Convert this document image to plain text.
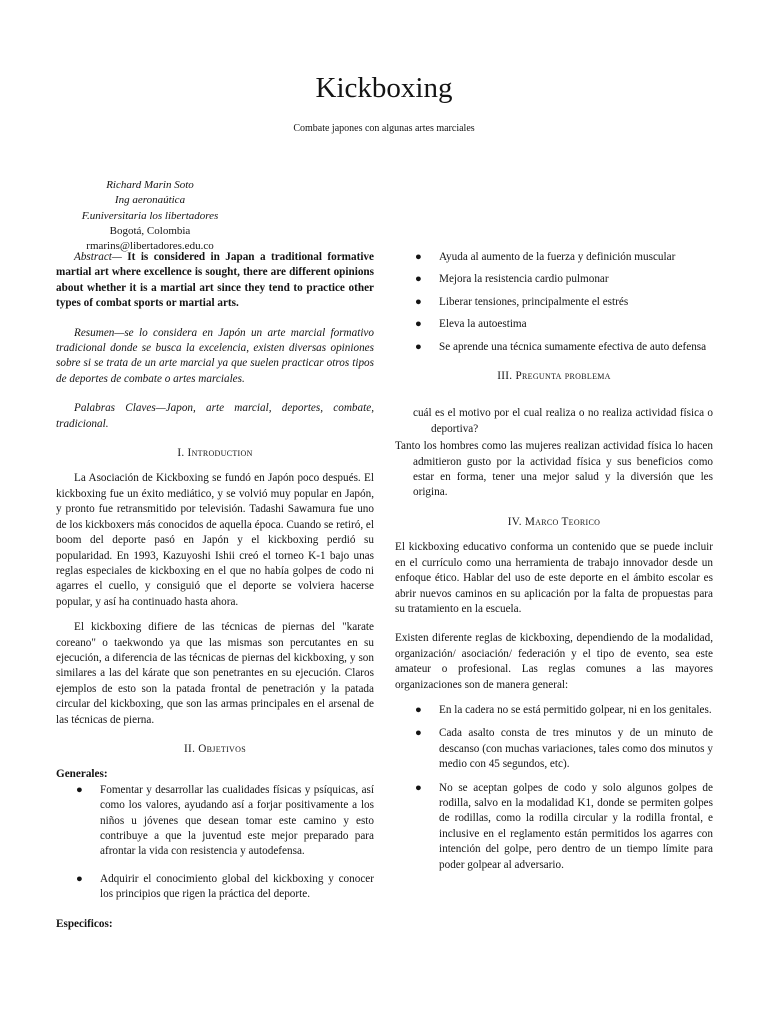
Kickboxing
Combate japones con algunas artes marciales
Richard Marin Soto
Ing aeronaútica
F.universitaria los libertadores
Bogotá, Colombia
rmarins@libertadores.edu.co

Abstract— It is considered in Japan a traditional formative martial art where excellence is sought, there are different opinions about whether it is a martial art since they tend to practice other types of combat sports or martial arts.

Resumen—se lo considera en Japón un arte marcial formativo tradicional donde se busca la excelencia, existen diversas opiniones sobre si se trata de un arte marcial ya que suelen practicar otros tipos de deportes de combate o artes marciales.

Palabras Claves—Japon, arte marcial, deportes, combate, tradicional.

I. Introduction

La Asociación de Kickboxing se fundó en Japón poco después. El kickboxing fue un éxito mediático, y se volvió muy popular en Japón, y pronto fue retransmitido por televisión. Tadashi Sawamura fue uno de los kickboxers más conocidos de aquella época. Cuando se retiró, el boom del deporte pasó en Japón y el kickboxing perdió su popularidad. En 1993, Kazuyoshi Ishii creó el torneo K-1 bajo unas reglas especiales de kickboxing en el que no había golpes de codo ni agarres el cuello, y consiguió que el deporte se volviera hacerse popular, y así ha continuado hasta ahora.

El kickboxing difiere de las técnicas de piernas del "karate coreano" o taekwondo ya que las mismas son percutantes en su ejecución, a diferencia de las técnicas de piernas del kickboxing, y son similares a las del kárate que son penetrantes en su ejecución. Claros ejemplos de esto son la patada frontal de penetración y la patada circular del kickboxing, que son las armas principales en el arsenal de las técnicas de pierna.

II. Objetivos
Generales:
● Fomentar y desarrollar las cualidades físicas y psíquicas, así como los valores, ayudando así a forjar positivamente a los niños u jóvenes que desean tomar este camino y esto contribuye a que la juventud este mejor preparado para afrontar la vida con resistencia y autodefensa.
● Adquirir el conocimiento global del kickboxing y conocer los principios que rigen la práctica del deporte.
Especificos:
● Ayuda al aumento de la fuerza y definición muscular
● Mejora la resistencia cardio pulmonar
● Liberar tensiones, principalmente el estrés
● Eleva la autoestima
● Se aprende una técnica sumamente efectiva de auto defensa
III. Pregunta problema

cuál es el motivo por el cual realiza o no realiza actividad física o deportiva?

Tanto los hombres como las mujeres realizan actividad física lo hacen admitieron gusto por la actividad física y sus beneficios como estar en forma, tener una mejor salud y la diversión que les origina.

IV. Marco Teorico

El kickboxing educativo conforma un contenido que se puede incluir en el currículo como una herramienta de trabajo innovador desde un enfoque ético. Hablar del uso de este deporte en el ámbito escolar es abrir nuevos caminos en su aplicación por la falta de propuestas para su tratamiento en la escuela.

Existen diferente reglas de kickboxing, dependiendo de la modalidad, organización/ asociación/ federación y el tipo de evento, sea este amateur o profesional. Las reglas comunes a las mayores organizaciones son de manera general:

● En la cadera no se está permitido golpear, ni en los genitales.
● Cada asalto consta de tres minutos y de un minuto de descanso (con muchas variaciones, tales como dos minutos y medio con 45 segundos, etc).
● No se aceptan golpes de codo y solo algunos golpes de rodilla, salvo en la modalidad K1, donde se permiten golpes de rodillas, como la rodilla circular y la rodilla frontal, e inclusive en el reglamento están permitidos los agarres con intención del golpe, pero dentro de un tiempo límite para poder golpear al adversario.
